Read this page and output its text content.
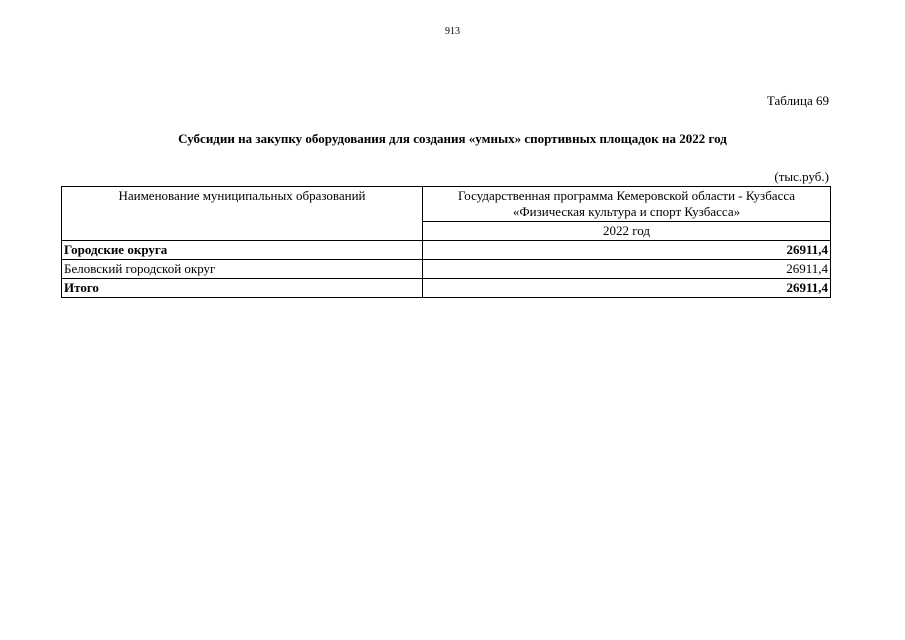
913
Таблица 69
Субсидии на закупку оборудования для создания «умных» спортивных площадок на 2022 год
(тыс.руб.)
Наименование муниципальных образований	Государственная программа Кемеровской области - Кузбасса
«Физическая культура и спорт Кузбасса»

	2022 год
Городские округа	26911,4
Беловский городской округ	26911,4
Итого	26911,4
